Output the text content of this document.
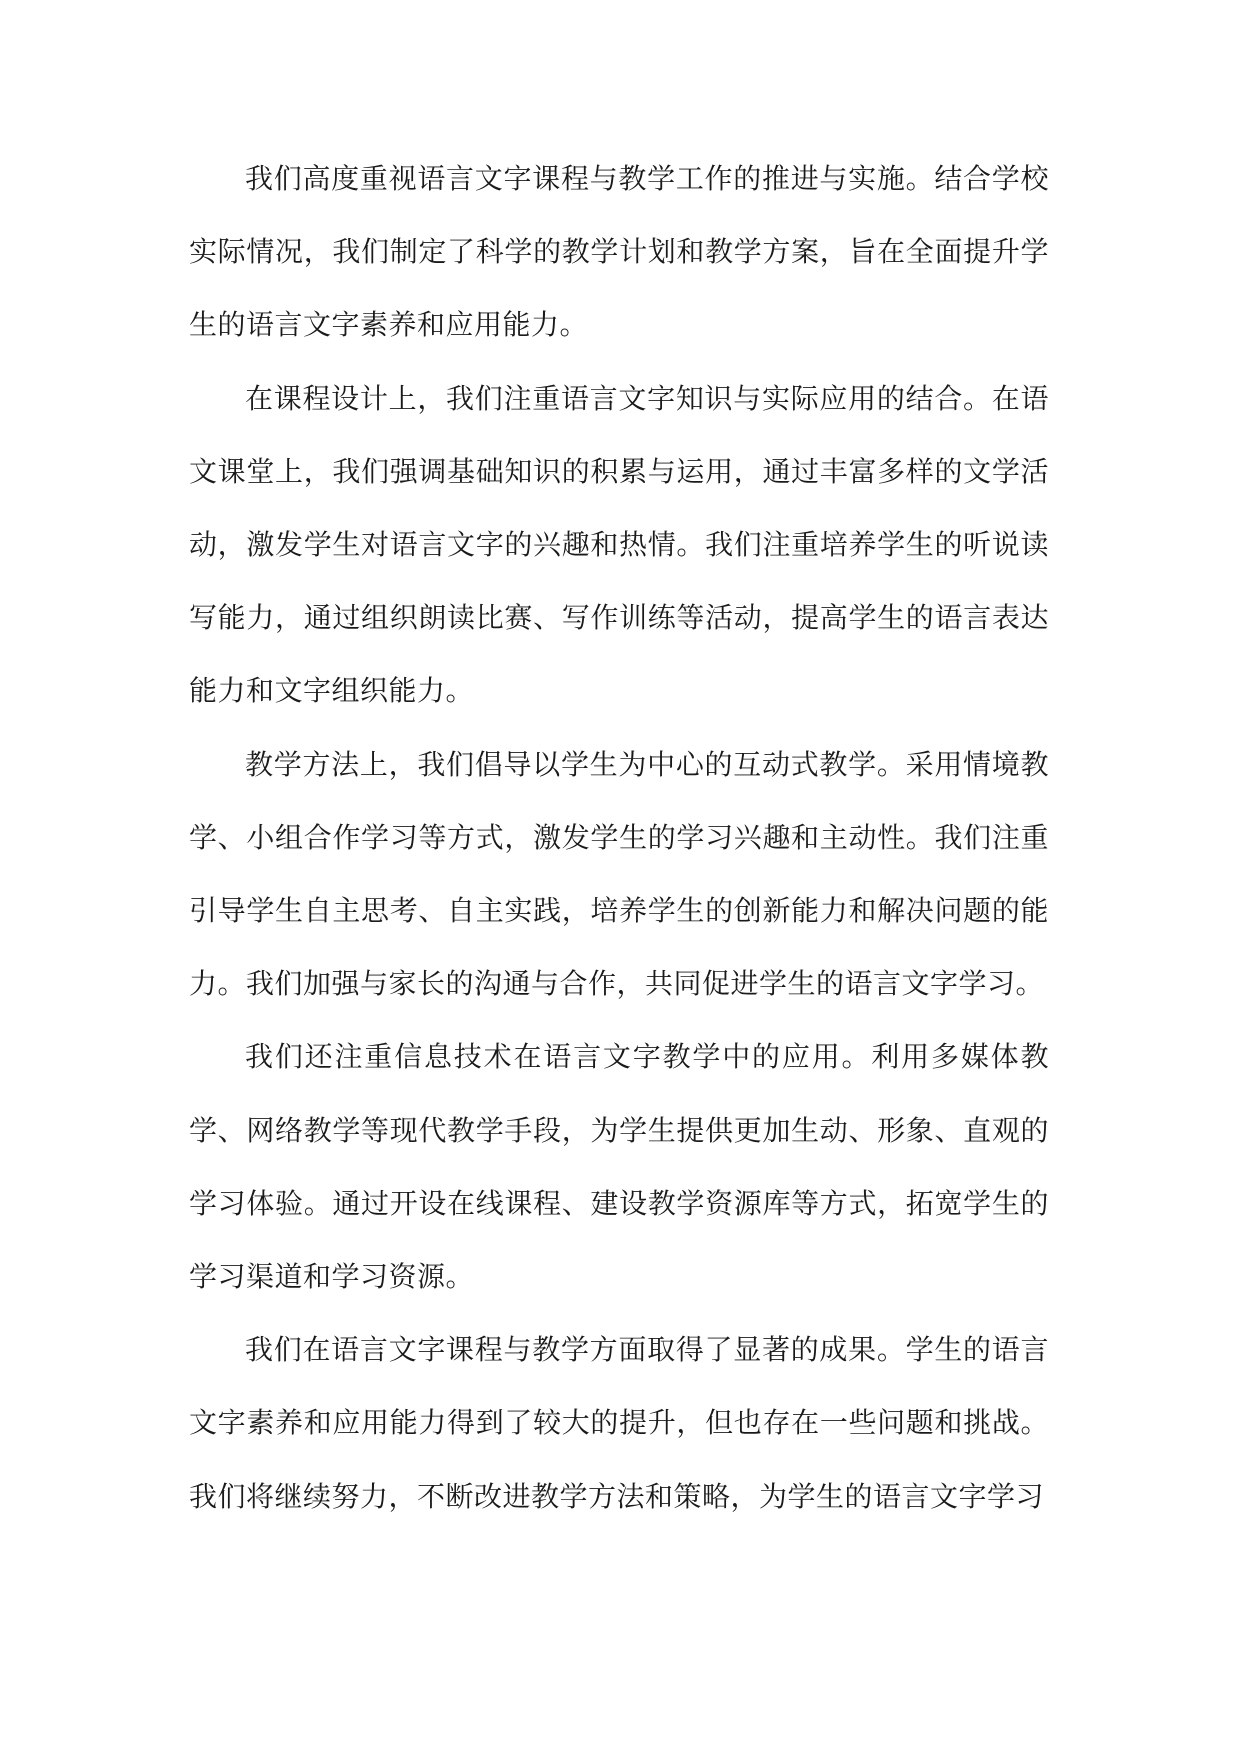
我们高度重视语言文字课程与教学工作的推进与实施。结合学校实际情况，我们制定了科学的教学计划和教学方案，旨在全面提升学生的语言文字素养和应用能力。

在课程设计上，我们注重语言文字知识与实际应用的结合。在语文课堂上，我们强调基础知识的积累与运用，通过丰富多样的文学活动，激发学生对语言文字的兴趣和热情。我们注重培养学生的听说读写能力，通过组织朗读比赛、写作训练等活动，提高学生的语言表达能力和文字组织能力。

教学方法上，我们倡导以学生为中心的互动式教学。采用情境教学、小组合作学习等方式，激发学生的学习兴趣和主动性。我们注重引导学生自主思考、自主实践，培养学生的创新能力和解决问题的能力。我们加强与家长的沟通与合作，共同促进学生的语言文字学习。

我们还注重信息技术在语言文字教学中的应用。利用多媒体教学、网络教学等现代教学手段，为学生提供更加生动、形象、直观的学习体验。通过开设在线课程、建设教学资源库等方式，拓宽学生的学习渠道和学习资源。

我们在语言文字课程与教学方面取得了显著的成果。学生的语言文字素养和应用能力得到了较大的提升，但也存在一些问题和挑战。我们将继续努力，不断改进教学方法和策略，为学生的语言文字学习
